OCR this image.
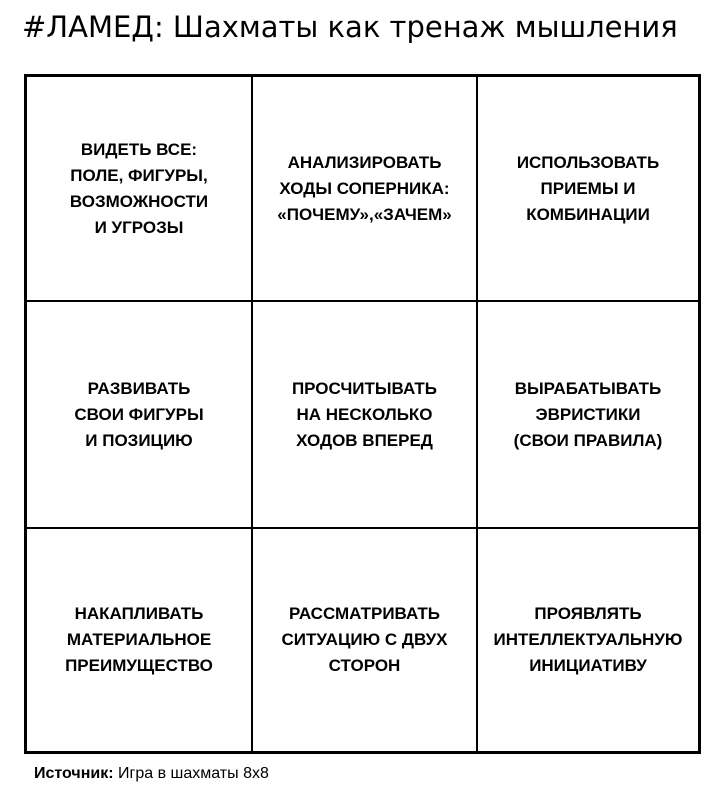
#ЛАМЕД: Шахматы как тренаж мышления
ВИДЕТЬ ВСЕ:
ПОЛЕ, ФИГУРЫ,
ВОЗМОЖНОСТИ
И УГРОЗЫ
АНАЛИЗИРОВАТЬ
ХОДЫ СОПЕРНИКА:
«ПОЧЕМУ»,«ЗАЧЕМ»
ИСПОЛЬЗОВАТЬ
ПРИЕМЫ И
КОМБИНАЦИИ
РАЗВИВАТЬ
СВОИ ФИГУРЫ
И ПОЗИЦИЮ
ПРОСЧИТЫВАТЬ
НА НЕСКОЛЬКО
ХОДОВ ВПЕРЕД
ВЫРАБАТЫВАТЬ
ЭВРИСТИКИ
(СВОИ ПРАВИЛА)
НАКАПЛИВАТЬ
МАТЕРИАЛЬНОЕ
ПРЕИМУЩЕСТВО
РАССМАТРИВАТЬ
СИТУАЦИЮ С ДВУХ
СТОРОН
ПРОЯВЛЯТЬ
ИНТЕЛЛЕКТУАЛЬНУЮ
ИНИЦИАТИВУ
Источник: Игра в шахматы 8х8
